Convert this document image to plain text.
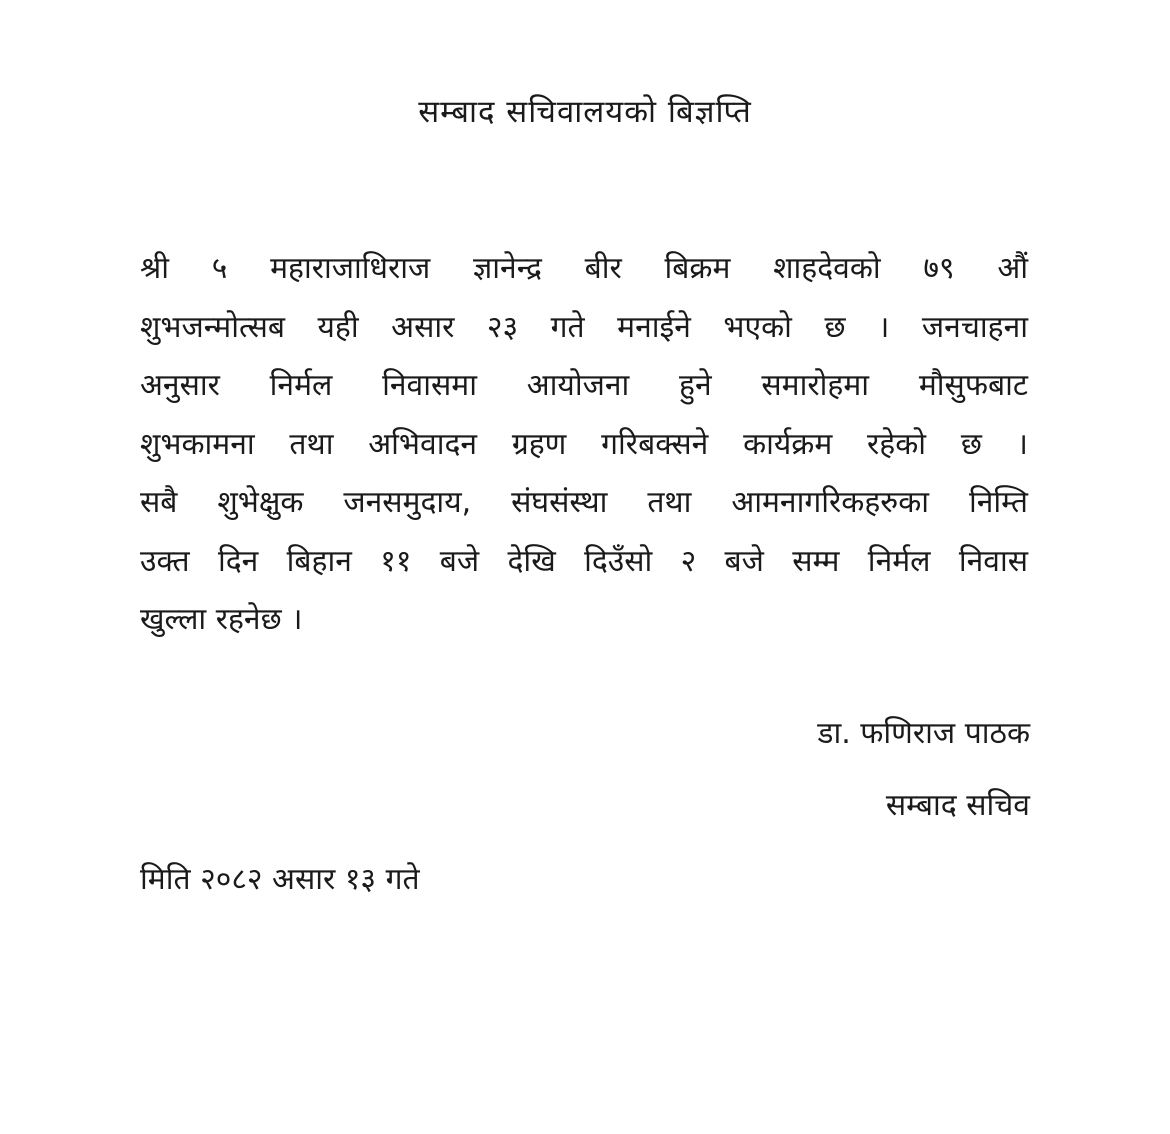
सम्बाद सचिवालयको बिज्ञप्ति

श्री ५ महाराजाधिराज ज्ञानेन्द्र बीर बिक्रम शाहदेवको ७९ औं
शुभजन्मोत्सब यही असार २३ गते मनाईने भएको छ । जनचाहना
अनुसार निर्मल निवासमा आयोजना हुने समारोहमा मौसुफबाट
शुभकामना तथा अभिवादन ग्रहण गरिबक्सने कार्यक्रम रहेको छ ।
सबै शुभेक्षुक जनसमुदाय, संघसंस्था तथा आमनागरिकहरुका निम्ति
उक्त दिन बिहान ११ बजे देखि दिउँसो २ बजे सम्म निर्मल निवास
खुल्ला रहनेछ ।

डा. फणिराज पाठक

सम्बाद सचिव

मिति २०८२ असार १३ गते
